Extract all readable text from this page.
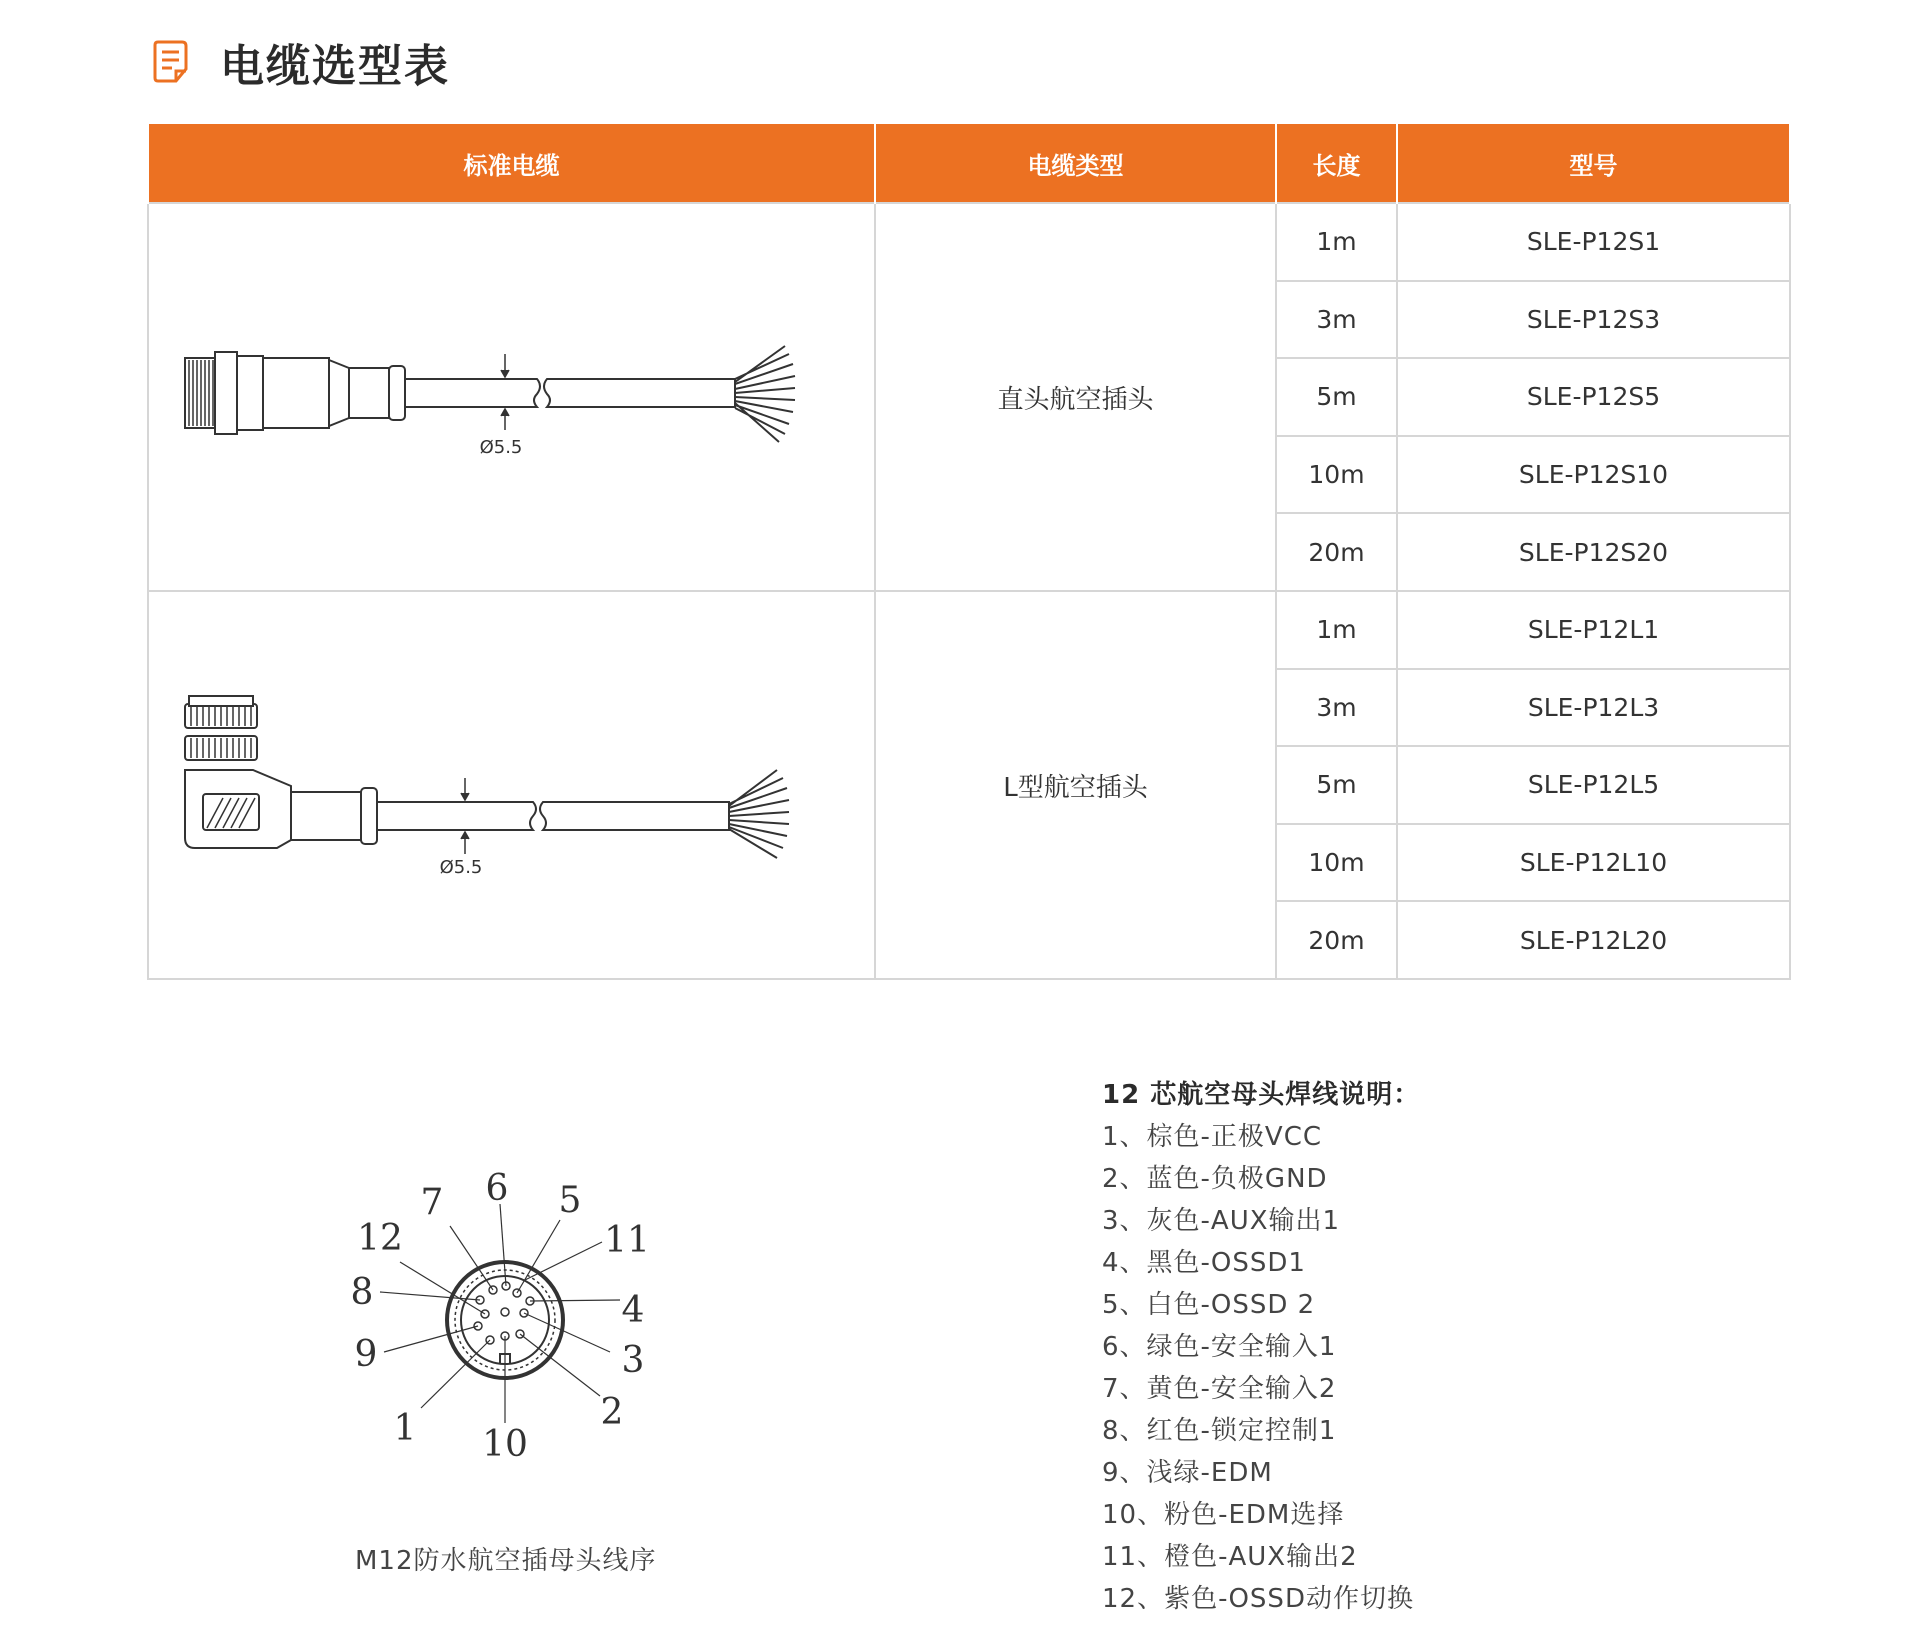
电缆选型表
标准电缆	电缆类型	长度	型号

Ø5.5	直头航空插头	1m	SLE-P12S1
		3m	SLE-P12S3
		5m	SLE-P12S5
		10m	SLE-P12S10
		20m	SLE-P12S20

Ø5.5	L型航空插头	1m	SLE-P12L1
		3m	SLE-P12L3
		5m	SLE-P12L5
		10m	SLE-P12L10
		20m	SLE-P12L20
1	2
3
4
5
6
7
8
9
10
11
12
M12防水航空插母头线序
12 芯航空母头焊线说明：
1、棕色-正极VCC
2、蓝色-负极GND
3、灰色-AUX输出1
4、黑色-OSSD1
5、白色-OSSD 2
6、绿色-安全输入1
7、黄色-安全输入2
8、红色-锁定控制1
9、浅绿-EDM
10、粉色-EDM选择
11、橙色-AUX输出2
12、紫色-OSSD动作切换
